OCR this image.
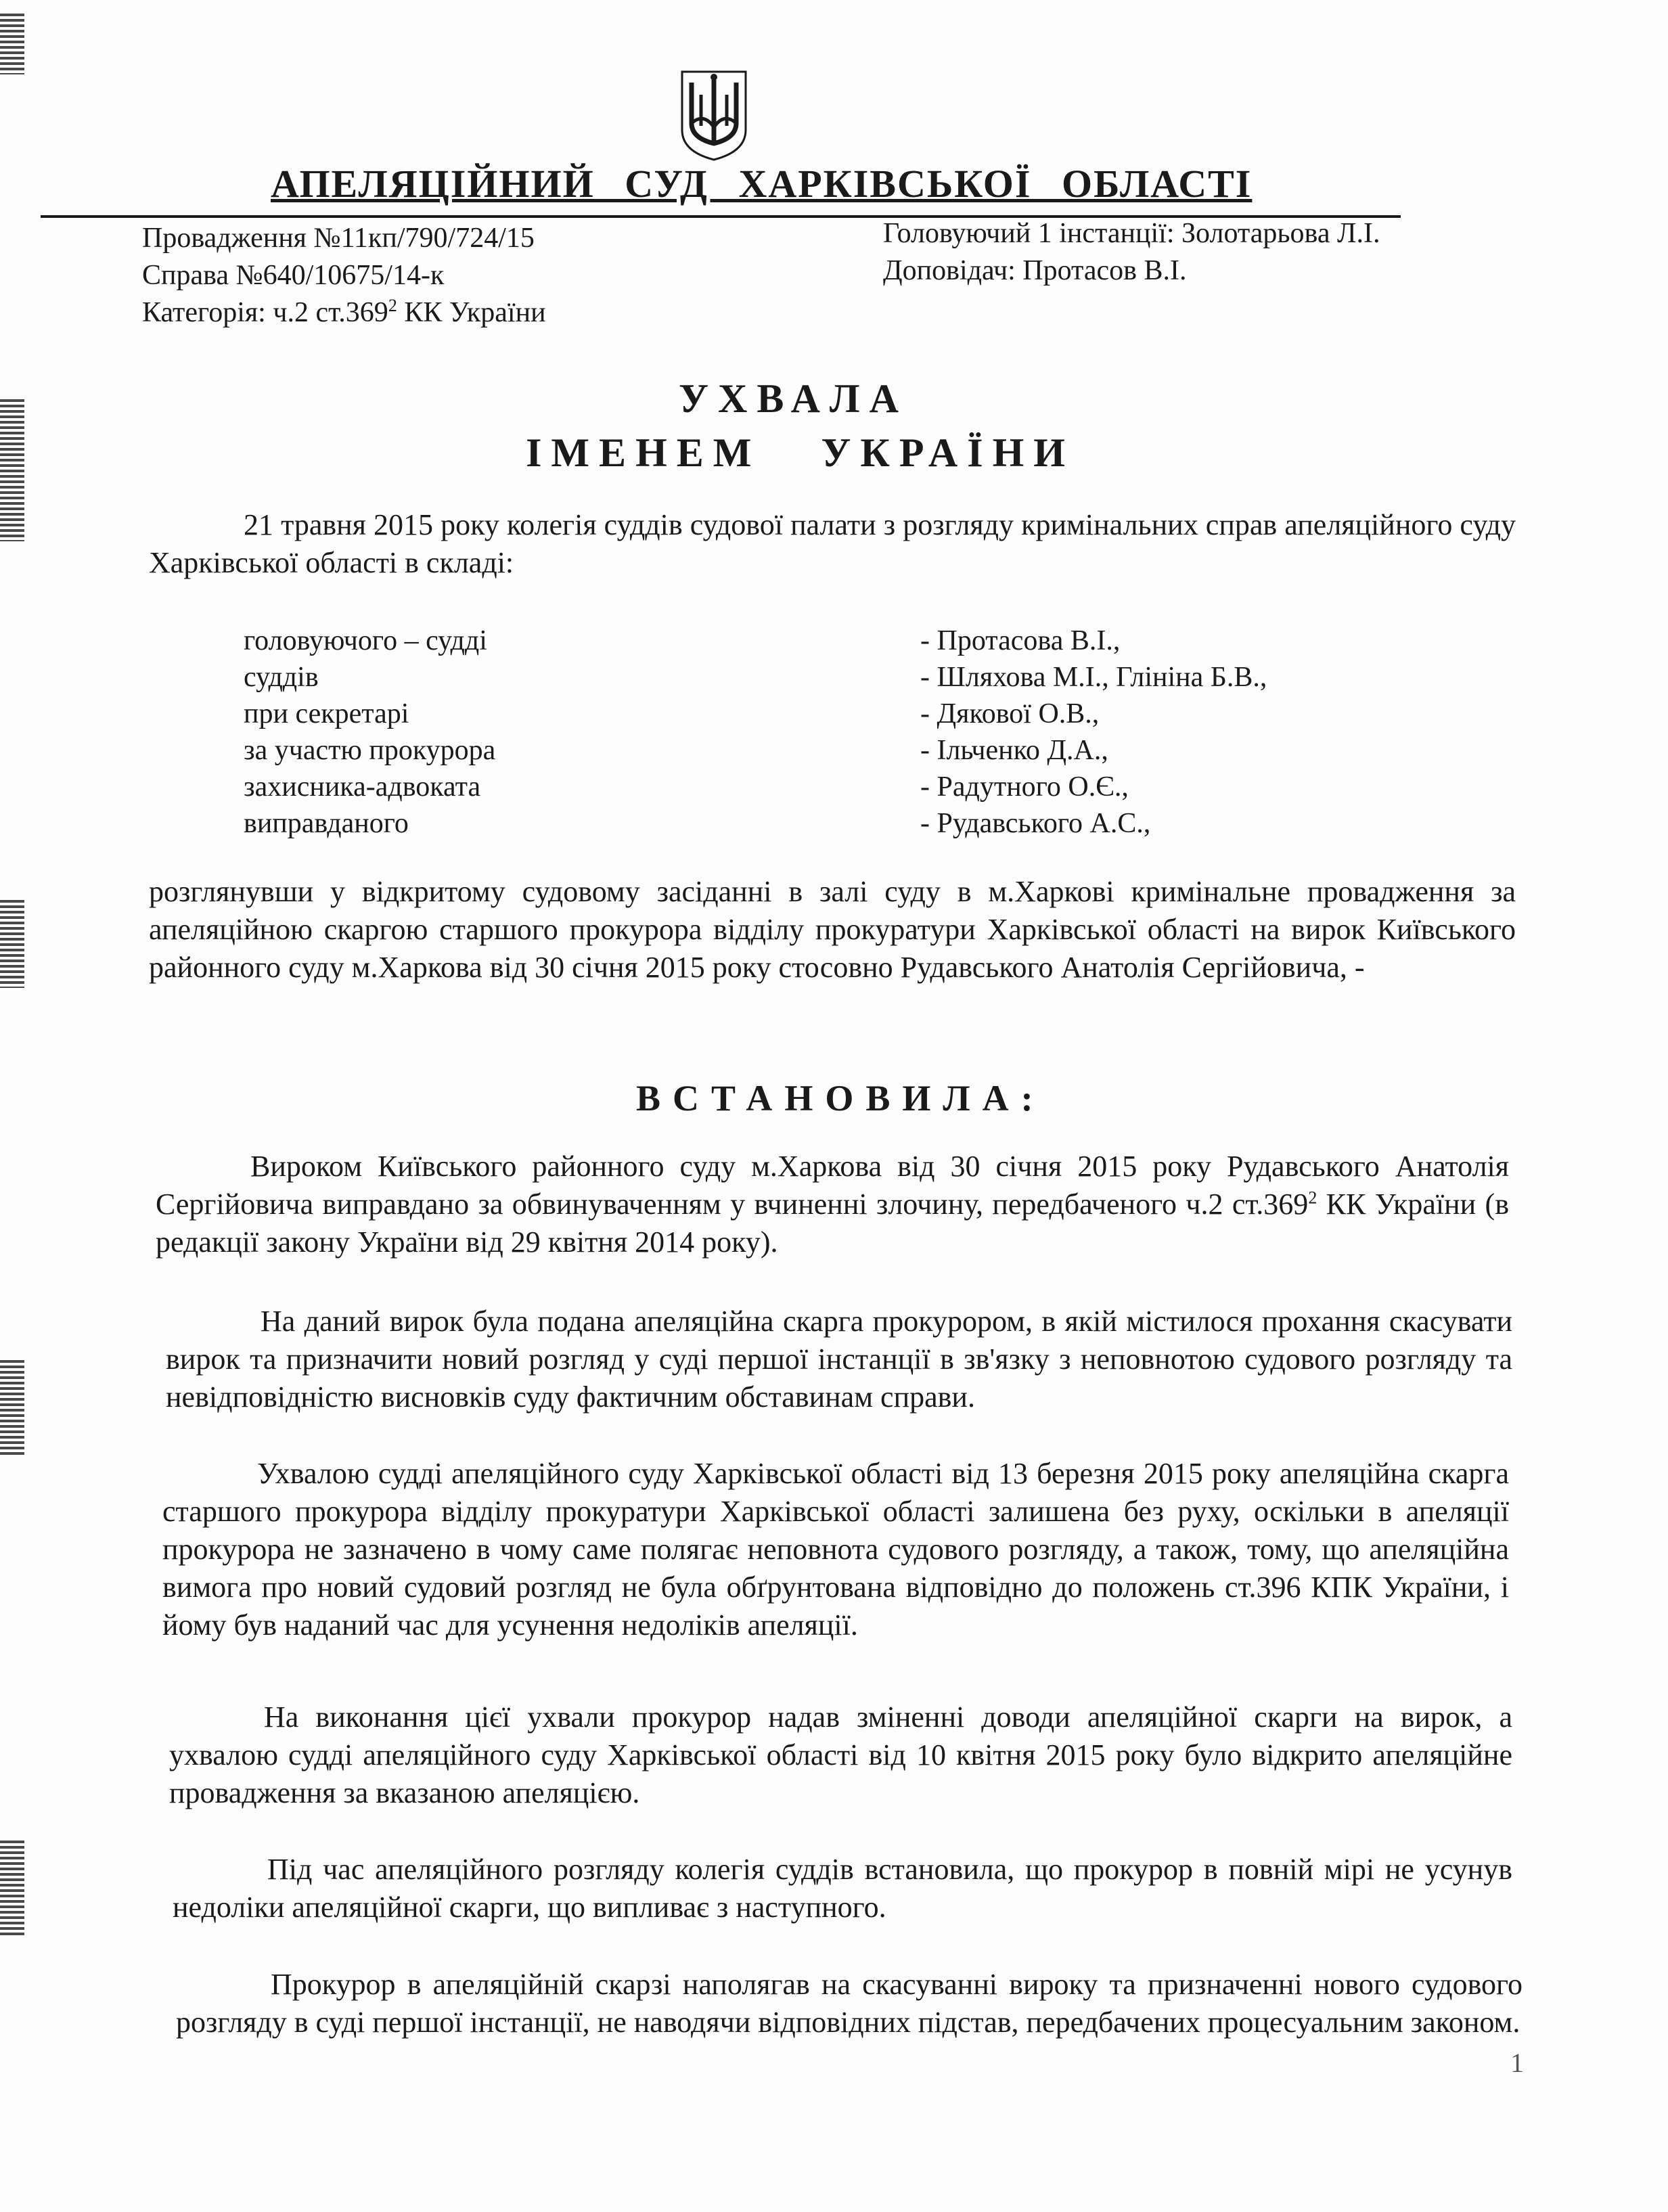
АПЕЛЯЦІЙНИЙ СУД ХАРКІВСЬКОЇ ОБЛАСТІ
Провадження №11кп/790/724/15
Справа №640/10675/14-к
Категорія: ч.2 ст.369$^2$ КК України
Головуючий 1 інстанції: Золотарьова Л.І.
Доповідач: Протасов В.І.
УХВАЛА
ІМЕНЕМ УКРАЇНИ
21 травня 2015 року колегія суддів судової палати з розгляду кримінальних справ апеляційного суду Харківської області в складі:
головуючого – судді	- Протасова В.І.,
суддів	- Шляхова М.І., Глініна Б.В.,
при секретарі	- Дякової О.В.,
за участю прокурора	- Ільченко Д.А.,
захисника-адвоката	- Радутного О.Є.,
виправданого	- Рудавського А.С.,
розглянувши у відкритому судовому засіданні в залі суду в м.Харкові кримінальне провадження за апеляційною скаргою старшого прокурора відділу прокуратури Харківської області на вирок Київського районного суду м.Харкова від 30 січня 2015 року стосовно Рудавського Анатолія Сергійовича, -
ВСТАНОВИЛА:
Вироком Київського районного суду м.Харкова від 30 січня 2015 року Рудавського Анатолія Сергійовича виправдано за обвинуваченням у вчиненні злочину, передбаченого ч.2 ст.369$^2$ КК України (в редакції закону України від 29 квітня 2014 року).
На даний вирок була подана апеляційна скарга прокурором, в якій містилося прохання скасувати вирок та призначити новий розгляд у суді першої інстанції в зв'язку з неповнотою судового розгляду та невідповідністю висновків суду фактичним обставинам справи.
Ухвалою судді апеляційного суду Харківської області від 13 березня 2015 року апеляційна скарга старшого прокурора відділу прокуратури Харківської області залишена без руху, оскільки в апеляції прокурора не зазначено в чому саме полягає неповнота судового розгляду, а також, тому, що апеляційна вимога про новий судовий розгляд не була обґрунтована відповідно до положень ст.396 КПК України, і йому був наданий час для усунення недоліків апеляції.
На виконання цієї ухвали прокурор надав зміненні доводи апеляційної скарги на вирок, а ухвалою судді апеляційного суду Харківської області від 10 квітня 2015 року було відкрито апеляційне провадження за вказаною апеляцією.
Під час апеляційного розгляду колегія суддів встановила, що прокурор в повній мірі не усунув недоліки апеляційної скарги, що випливає з наступного.
Прокурор в апеляційній скарзі наполягав на скасуванні вироку та призначенні нового судового розгляду в суді першої інстанції, не наводячи відповідних підстав, передбачених процесуальним законом.
1
